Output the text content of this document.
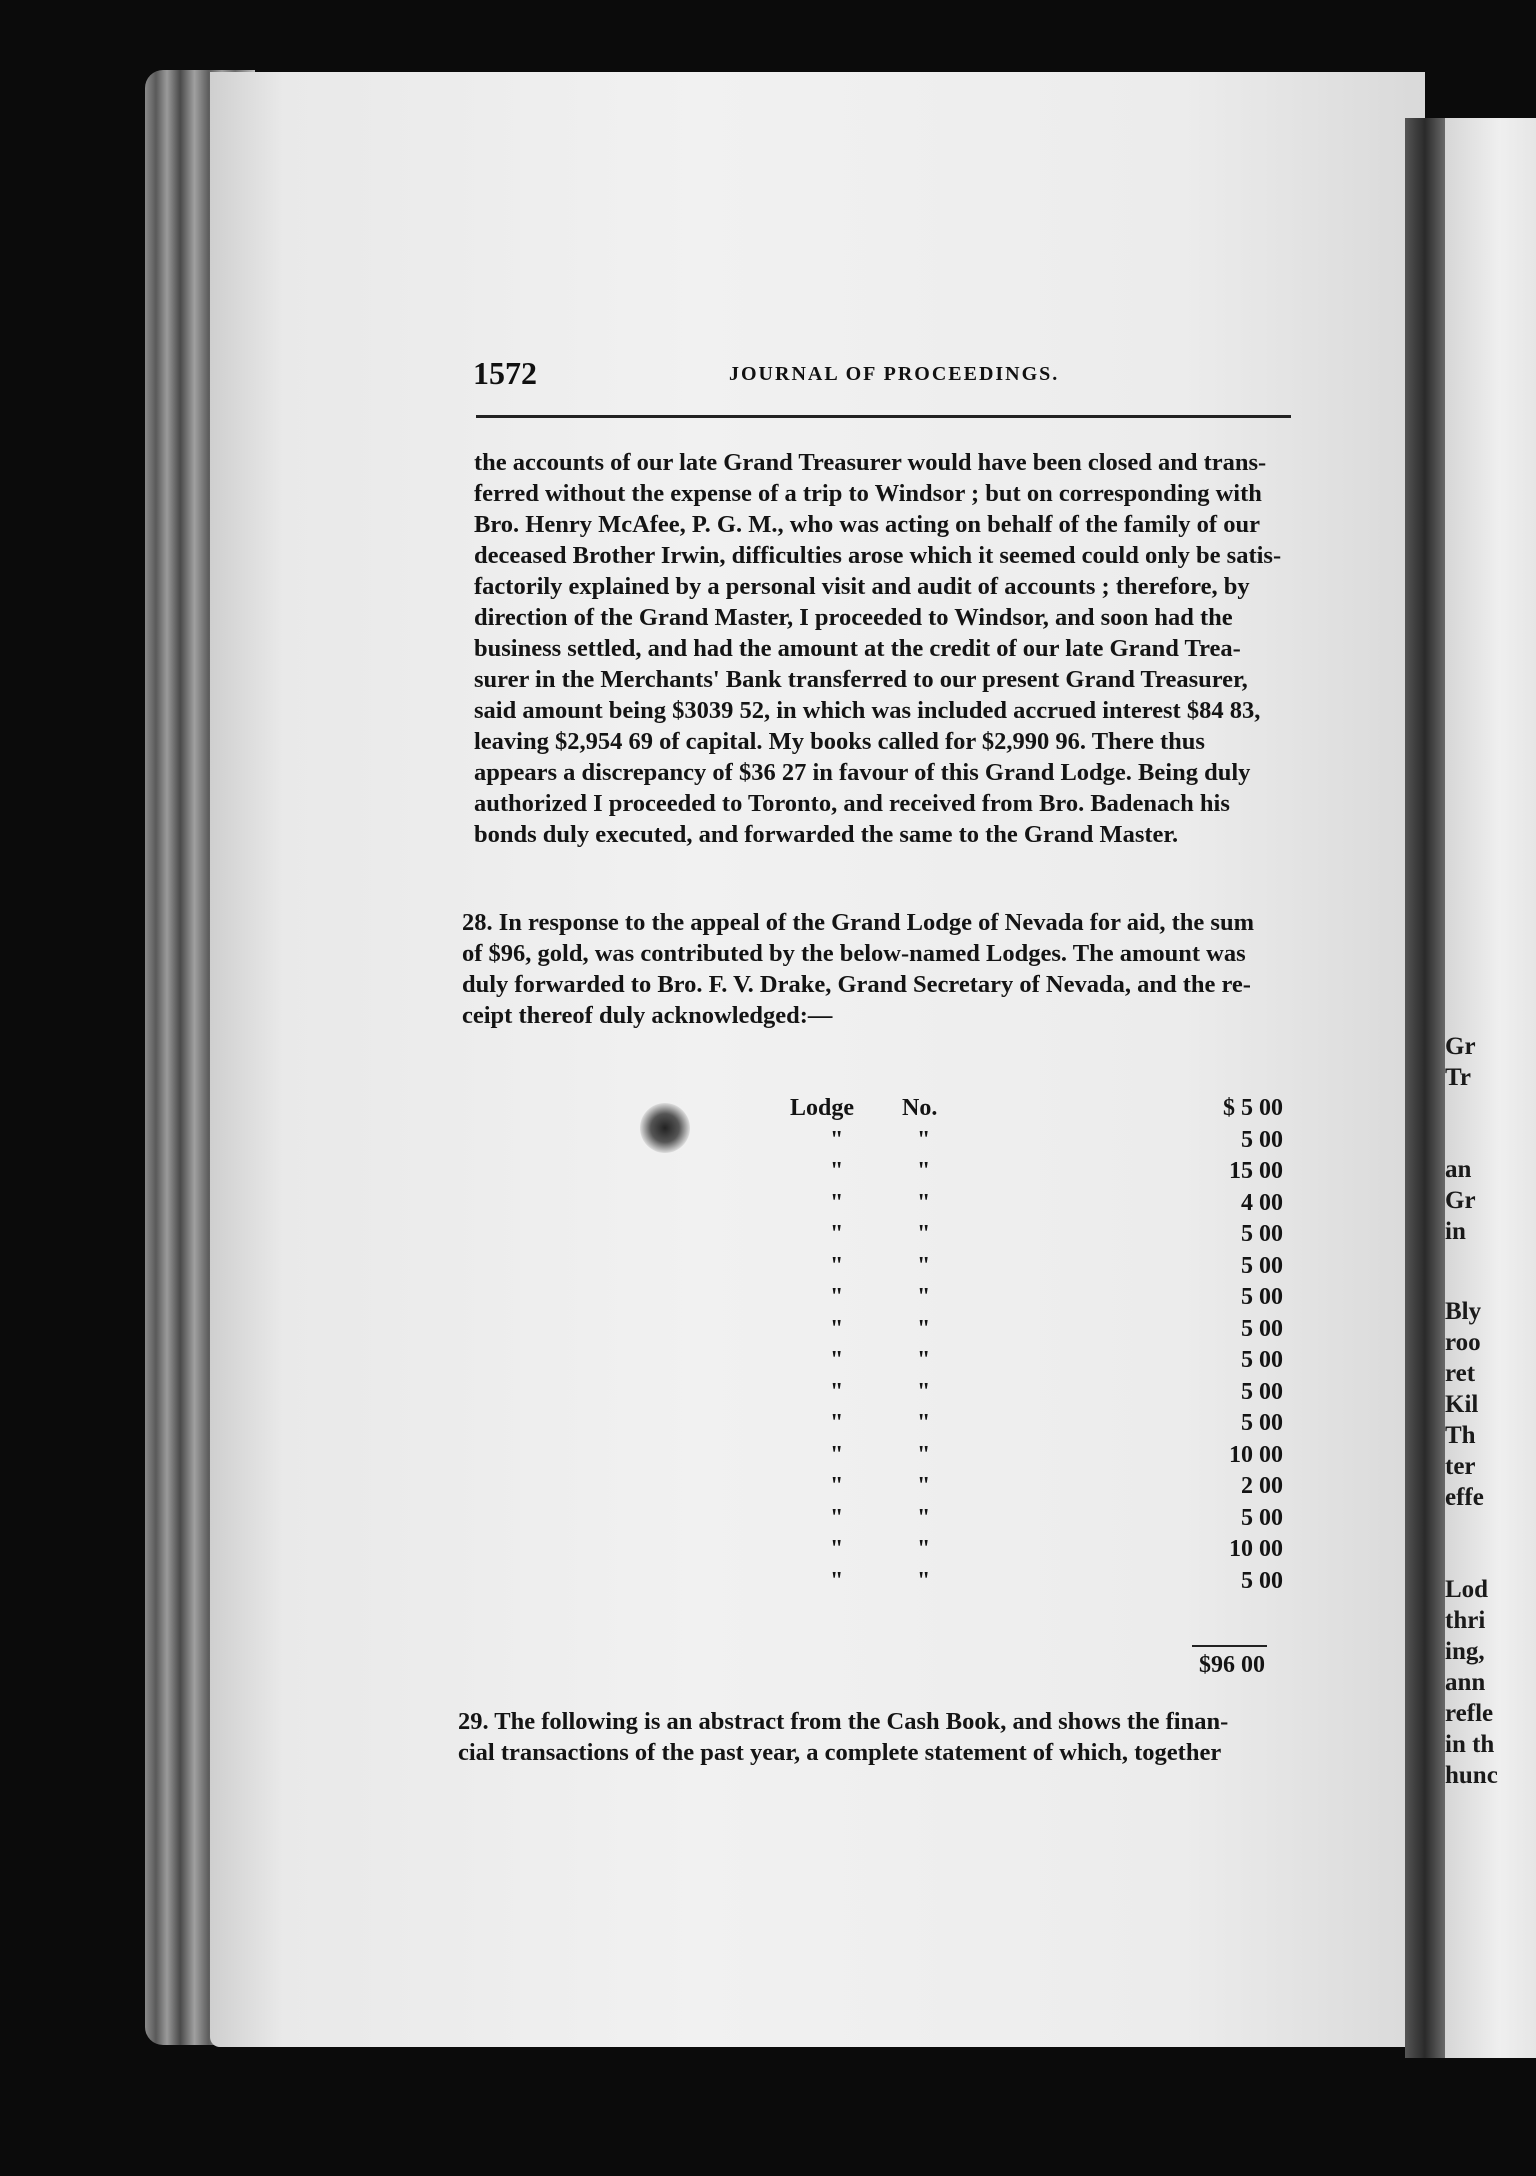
Gr
Tr
an
Gr
in
Bly
roo
ret
Kil
Th
ter
effe
Lod
thri
ing,
ann
refle
in th
hunc
1572	JOURNAL OF PROCEEDINGS.
the accounts of our late Grand Treasurer would have been closed and trans-
ferred without the expense of a trip to Windsor ; but on corresponding with
Bro. Henry McAfee, P. G. M., who was acting on behalf of the family of our
deceased Brother Irwin, difficulties arose which it seemed could only be satis-
factorily explained by a personal visit and audit of accounts ; therefore, by
direction of the Grand Master, I proceeded to Windsor, and soon had the
business settled, and had the amount at the credit of our late Grand Trea-
surer in the Merchants' Bank transferred to our present Grand Treasurer,
said amount being $3039 52, in which was included accrued interest $84 83,
leaving $2,954 69 of capital. My books called for $2,990 96. There thus
appears a discrepancy of $36 27 in favour of this Grand Lodge. Being duly
authorized I proceeded to Toronto, and received from Bro. Badenach his
bonds duly executed, and forwarded the same to the Grand Master.
28. In response to the appeal of the Grand Lodge of Nevada for aid, the sum
of $96, gold, was contributed by the below-named Lodges. The amount was
duly forwarded to Bro. F. V. Drake, Grand Secretary of Nevada, and the re-
ceipt thereof duly acknowledged:—
Lodge	No.	$ 5 00
"	"	5 00
"	"	15 00
"	"	4 00
"	"	5 00
"	"	5 00
"	"	5 00
"	"	5 00
"	"	5 00
"	"	5 00
"	"	5 00
"	"	10 00
"	"	2 00
"	"	5 00
"	"	10 00
"	"	5 00
$96 00
29. The following is an abstract from the Cash Book, and shows the finan-
cial transactions of the past year, a complete statement of which, together
